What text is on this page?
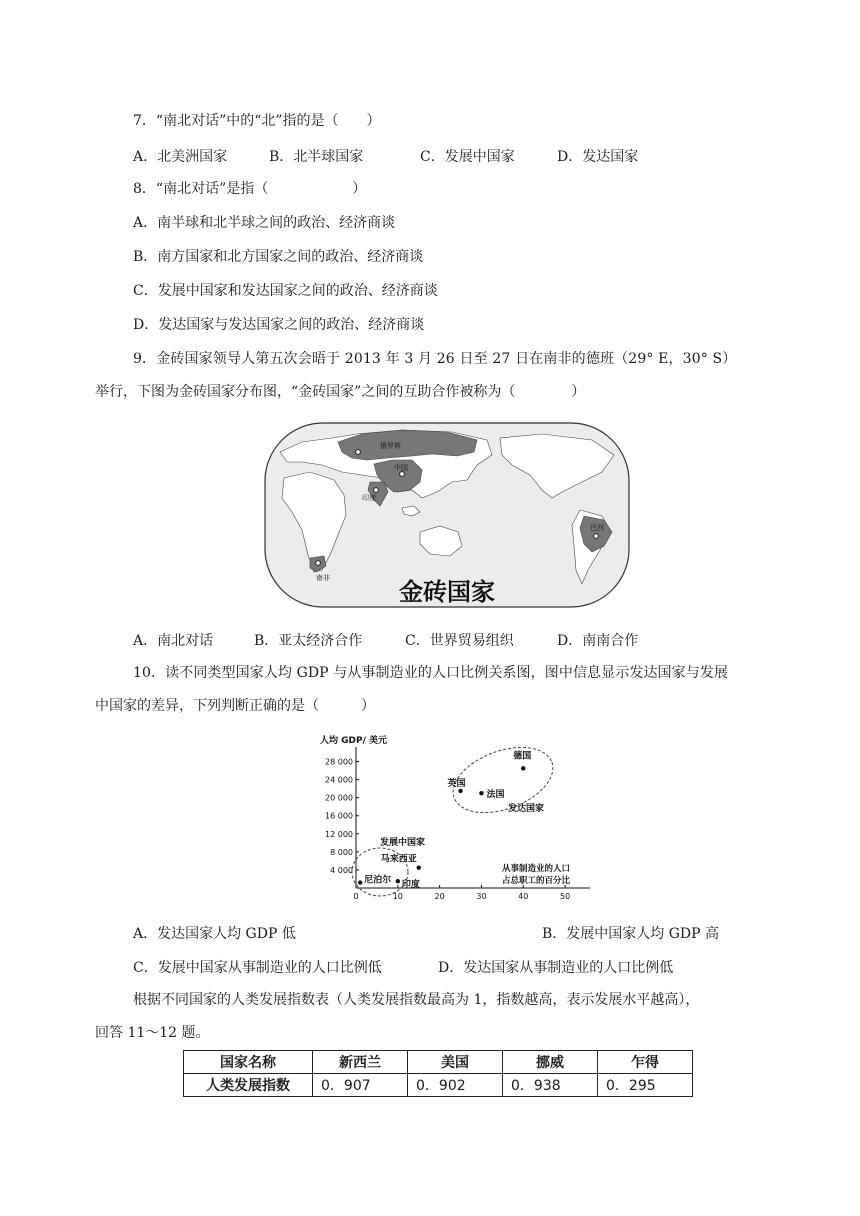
7．“南北对话”中的“北”指的是（　　）
A．北美洲国家	B．北半球国家	C．发展中国家	D．发达国家
8．“南北对话”是指（　　　　　　）
A．南半球和北半球之间的政治、经济商谈
B．南方国家和北方国家之间的政治、经济商谈
C．发展中国家和发达国家之间的政治、经济商谈
D．发达国家与发达国家之间的政治、经济商谈
9．金砖国家领导人第五次会晤于 2013 年 3 月 26 日至 27 日在南非的德班（29° E，30° S）
举行，下图为金砖国家分布图，“金砖国家”之间的互助合作被称为（　　　　）
俄罗斯
中国
印度
南非
巴西
金砖国家
A．南北对话	B．亚太经济合作	C．世界贸易组织	D．南南合作
10．读不同类型国家人均 GDP 与从事制造业的人口比例关系图，图中信息显示发达国家与发展
中国家的差异，下列判断正确的是（　　　）
4 000
8 000
12 000
16 000
20 000
24 000
28 000
0	10	20	30	40	50
人均 GDP/ 美元
从事制造业的人口
占总职工的百分比
发达国家
发展中国家
德国
英国
法国
马来西亚
尼泊尔 印度
A．发达国家人均 GDP 低	B．发展中国家人均 GDP 高
C．发展中国家从事制造业的人口比例低	D．发达国家从事制造业的人口比例低
根据不同国家的人类发展指数表（人类发展指数最高为 1，指数越高，表示发展水平越高），
回答 11～12 题。
国家名称	新西兰	美国	挪威	乍得
人类发展指数	0．907	0．902	0．938	0．295
